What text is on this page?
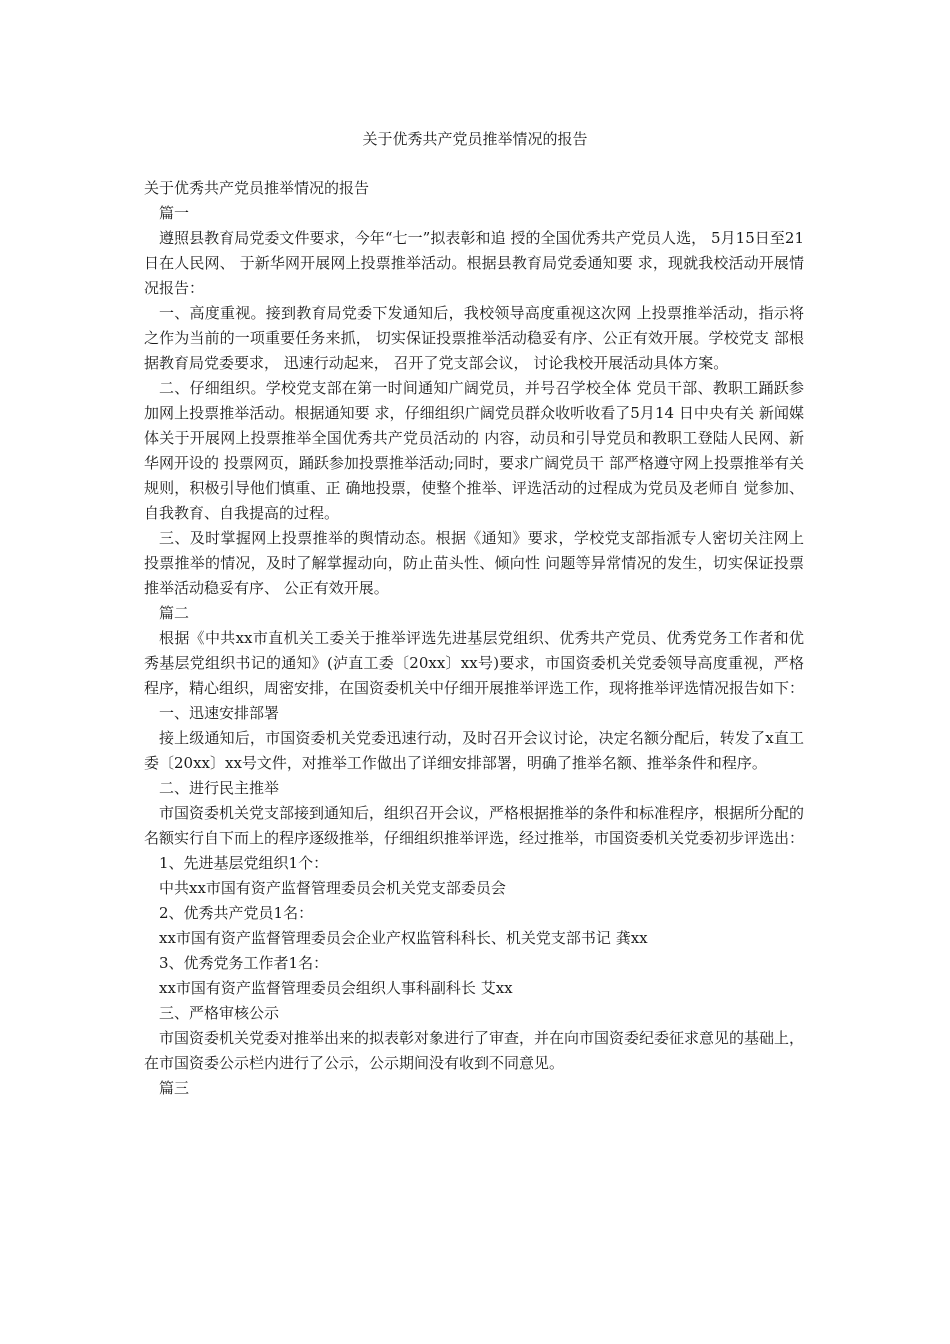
关于优秀共产党员推举情况的报告

关于优秀共产党员推举情况的报告

篇一

遵照县教育局党委文件要求，今年“七一”拟表彰和追 授的全国优秀共产党员人选， 5月15日至21日在人民网、 于新华网开展网上投票推举活动。根据县教育局党委通知要 求，现就我校活动开展情况报告：

一、高度重视。接到教育局党委下发通知后，我校领导高度重视这次网 上投票推举活动，指示将之作为当前的一项重要任务来抓， 切实保证投票推举活动稳妥有序、公正有效开展。学校党支 部根据教育局党委要求， 迅速行动起来， 召开了党支部会议， 讨论我校开展活动具体方案。

二、仔细组织。学校党支部在第一时间通知广阔党员，并号召学校全体 党员干部、教职工踊跃参加网上投票推举活动。根据通知要 求，仔细组织广阔党员群众收听收看了5月14 日中央有关 新闻媒体关于开展网上投票推举全国优秀共产党员活动的 内容，动员和引导党员和教职工登陆人民网、新华网开设的 投票网页，踊跃参加投票推举活动;同时，要求广阔党员干 部严格遵守网上投票推举有关规则，积极引导他们慎重、正 确地投票，使整个推举、评选活动的过程成为党员及老师自 觉参加、自我教育、自我提高的过程。

三、及时掌握网上投票推举的舆情动态。根据《通知》要求，学校党支部指派专人密切关注网上 投票推举的情况，及时了解掌握动向，防止苗头性、倾向性 问题等异常情况的发生，切实保证投票推举活动稳妥有序、 公正有效开展。

篇二

根据《中共xx市直机关工委关于推举评选先进基层党组织、优秀共产党员、优秀党务工作者和优秀基层党组织书记的通知》(泸直工委〔20xx〕xx号)要求，市国资委机关党委领导高度重视，严格程序，精心组织，周密安排，在国资委机关中仔细开展推举评选工作，现将推举评选情况报告如下：

一、迅速安排部署

接上级通知后，市国资委机关党委迅速行动，及时召开会议讨论，决定名额分配后，转发了x直工委〔20xx〕xx号文件，对推举工作做出了详细安排部署，明确了推举名额、推举条件和程序。

二、进行民主推举

市国资委机关党支部接到通知后，组织召开会议，严格根据推举的条件和标准程序，根据所分配的名额实行自下而上的程序逐级推举，仔细组织推举评选，经过推举，市国资委机关党委初步评选出：

1、先进基层党组织1个：

中共xx市国有资产监督管理委员会机关党支部委员会

2、优秀共产党员1名：

xx市国有资产监督管理委员会企业产权监管科科长、机关党支部书记 龚xx

3、优秀党务工作者1名：

xx市国有资产监督管理委员会组织人事科副科长 艾xx

三、严格审核公示

市国资委机关党委对推举出来的拟表彰对象进行了审查，并在向市国资委纪委征求意见的基础上，在市国资委公示栏内进行了公示，公示期间没有收到不同意见。

篇三
